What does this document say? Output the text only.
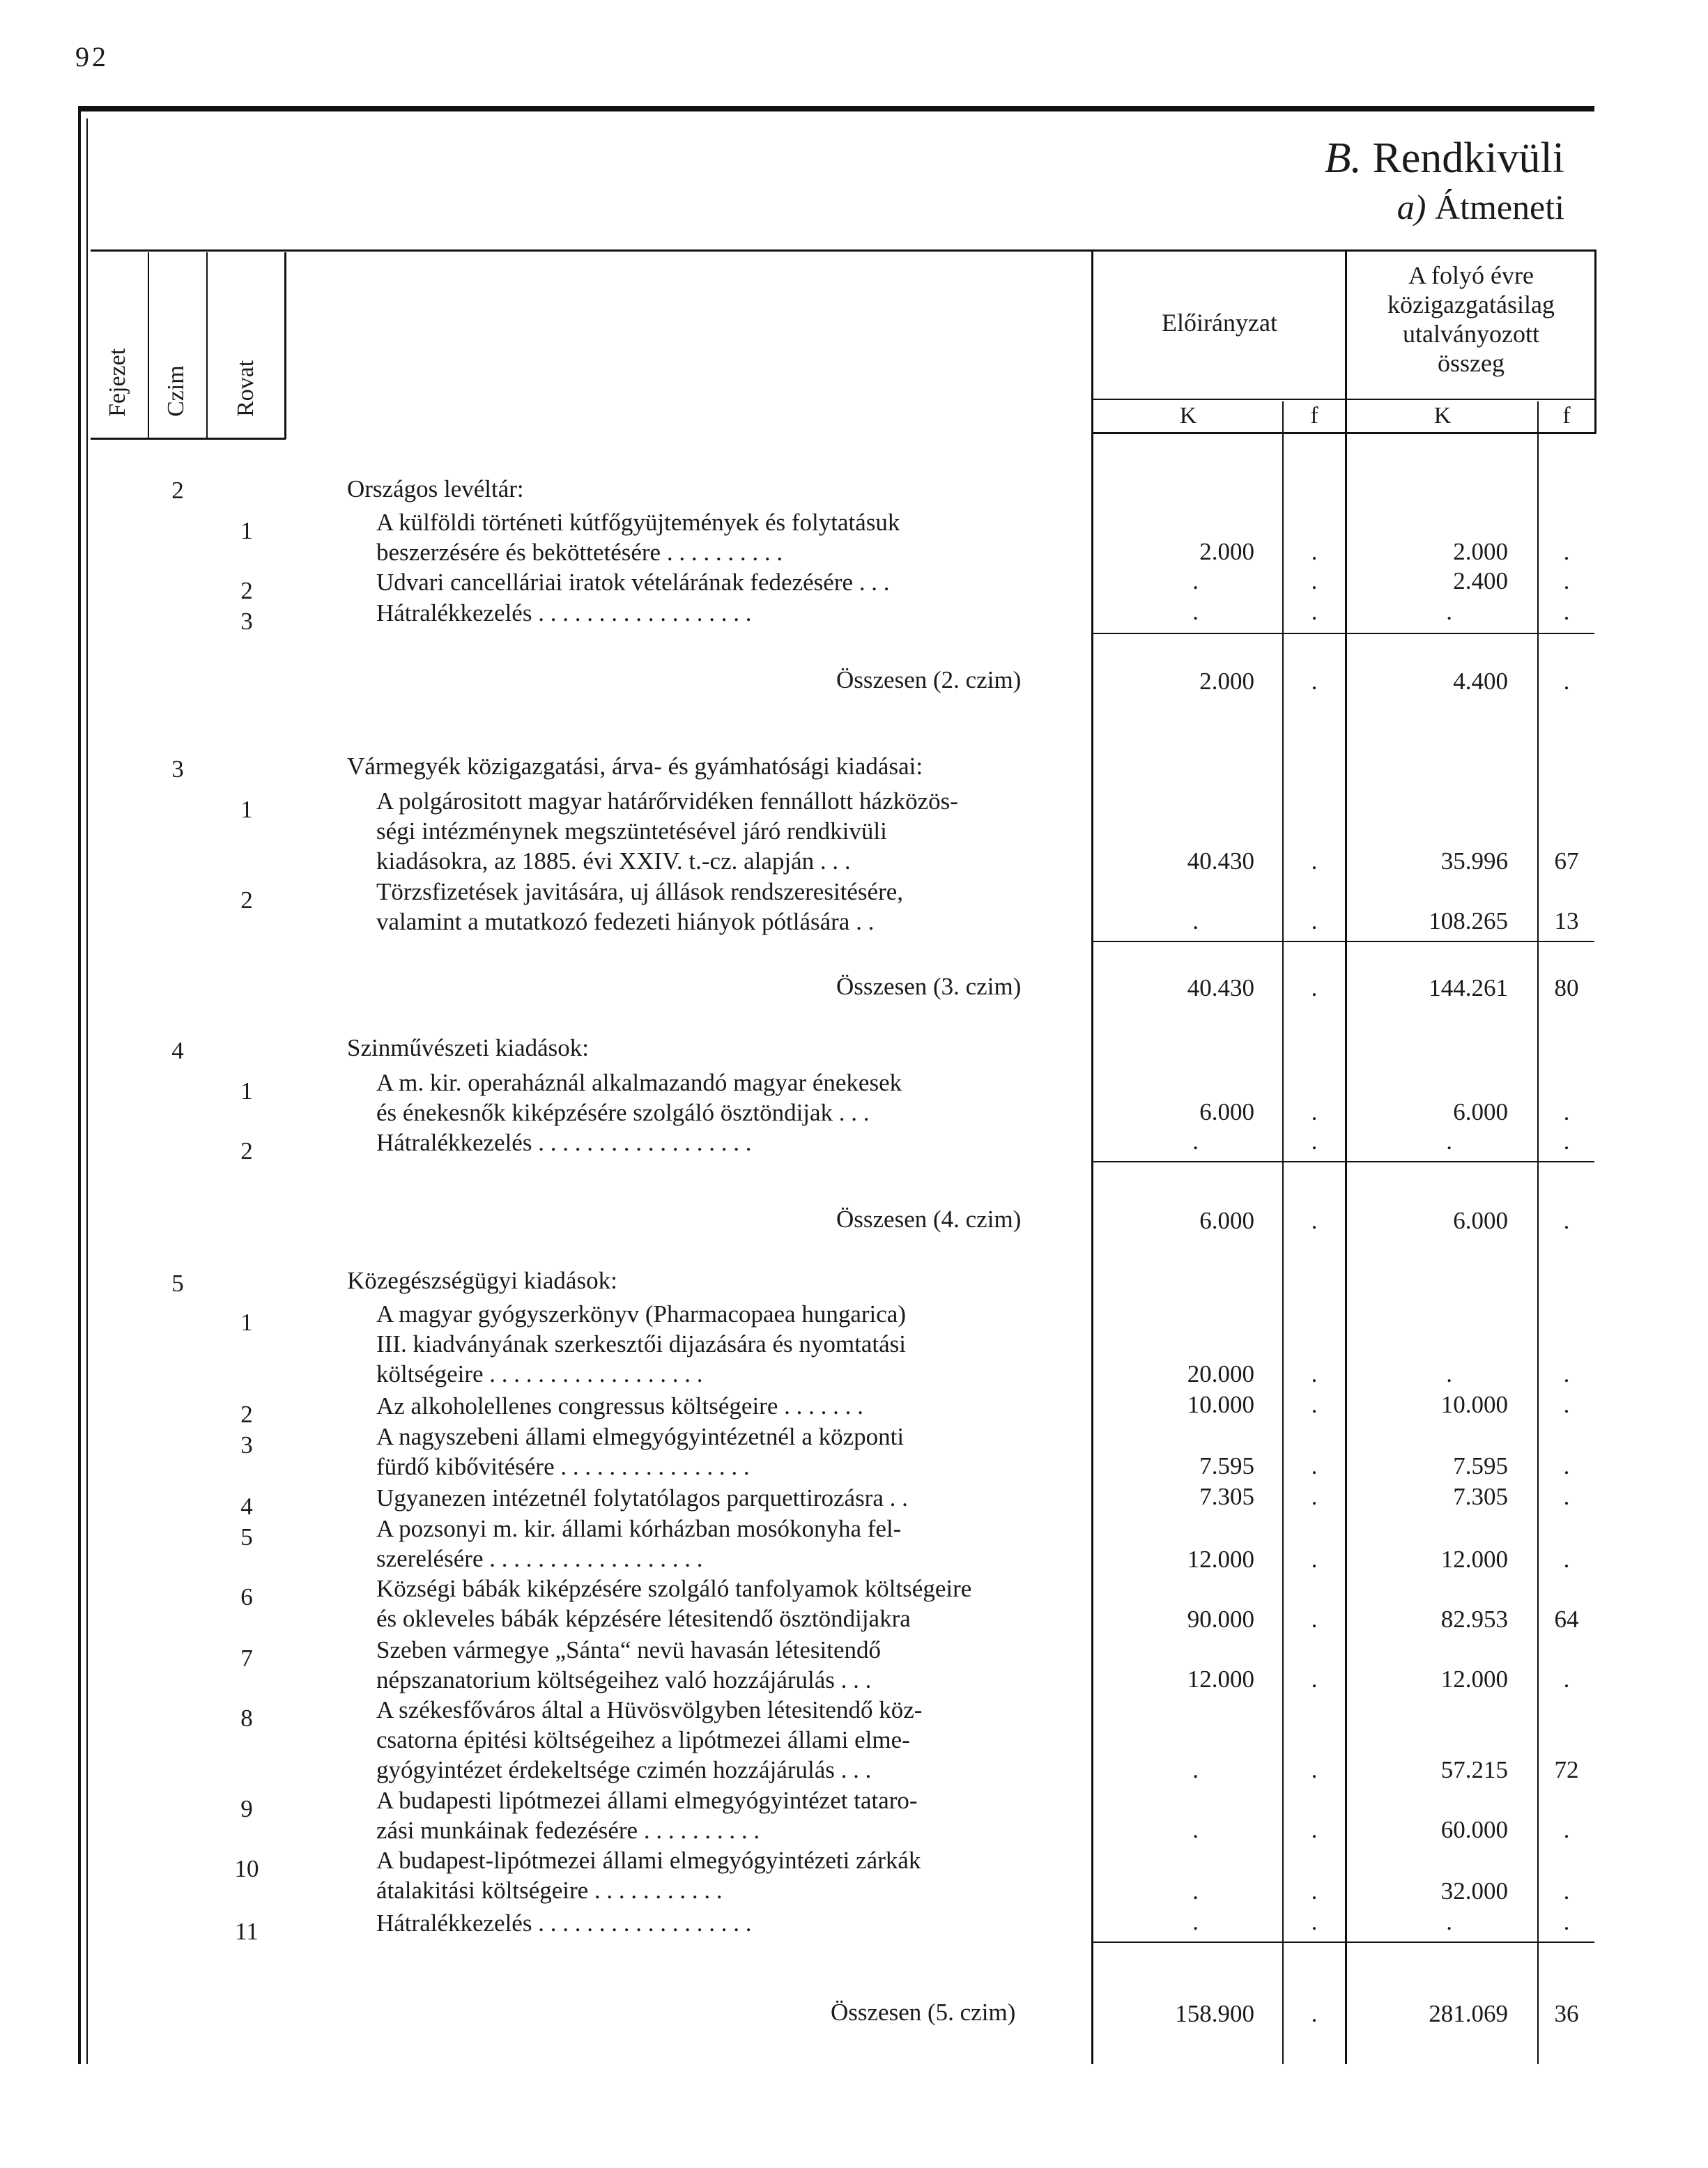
92
B. Rendkivüli
a) Átmeneti
Fejezet Czim Rovat
Előirányzat
A folyó évre
közigazgatásilag
utalványozott
összeg
K	f	K	f
2	Országos levéltár:
1	A külföldi történeti kútfőgyüjtemények és folytatásuk
beszerzésére és beköttetésére . . . . . . . . . .	2.000	.	2.000	.
2	Udvari cancelláriai iratok vételárának fedezésére . . .	.	.	2.400	.
3	Hátralékkezelés . . . . . . . . . . . . . . . . . .	.	.	.	.
Összesen (2. czim)	2.000	.	4.400	.
3	Vármegyék közigazgatási, árva- és gyámhatósági kiadásai:
1	A polgárositott magyar határőrvidéken fennállott házközös-
ségi intézménynek megszüntetésével járó rendkivüli
kiadásokra, az 1885. évi XXIV. t.-cz. alapján . . .	40.430	.	35.996	67
2	Törzsfizetések javitására, uj állások rendszeresitésére,
valamint a mutatkozó fedezeti hiányok pótlására . .	.	.	108.265	13
Összesen (3. czim)	40.430	.	144.261	80
4	Szinművészeti kiadások:
1	A m. kir. operaháznál alkalmazandó magyar énekesek
és énekesnők kiképzésére szolgáló ösztöndijak . . .	6.000	.	6.000	.
2	Hátralékkezelés . . . . . . . . . . . . . . . . . .	.	.	.	.
Összesen (4. czim)	6.000	.	6.000	.
5	Közegészségügyi kiadások:
1	A magyar gyógyszerkönyv (Pharmacopaea hungarica)
III. kiadványának szerkesztői dijazására és nyomtatási
költségeire . . . . . . . . . . . . . . . . . .	20.000	.	.	.
2	Az alkoholellenes congressus költségeire . . . . . . .	10.000	.	10.000	.
3	A nagyszebeni állami elmegyógyintézetnél a központi
fürdő kibővitésére . . . . . . . . . . . . . . . .	7.595	.	7.595	.
4	Ugyanezen intézetnél folytatólagos parquettirozásra . .	7.305	.	7.305	.
5	A pozsonyi m. kir. állami kórházban mosókonyha fel-
szerelésére . . . . . . . . . . . . . . . . . .	12.000	.	12.000	.
6	Községi bábák kiképzésére szolgáló tanfolyamok költségeire
és okleveles bábák képzésére létesitendő ösztöndijakra	90.000	.	82.953	64
7	Szeben vármegye „Sánta“ nevü havasán létesitendő
népszanatorium költségeihez való hozzájárulás . . .	12.000	.	12.000	.
8	A székesfőváros által a Hüvösvölgyben létesitendő köz-
csatorna épitési költségeihez a lipótmezei állami elme-
gyógyintézet érdekeltsége czimén hozzájárulás . . .	.	.	57.215	72
9	A budapesti lipótmezei állami elmegyógyintézet tataro-
zási munkáinak fedezésére . . . . . . . . . .	.	.	60.000	.
10	A budapest-lipótmezei állami elmegyógyintézeti zárkák
átalakitási költségeire . . . . . . . . . . .	.	.	32.000	.
11	Hátralékkezelés . . . . . . . . . . . . . . . . . .	.	.	.	.
Összesen (5. czim)	158.900	.	281.069	36
